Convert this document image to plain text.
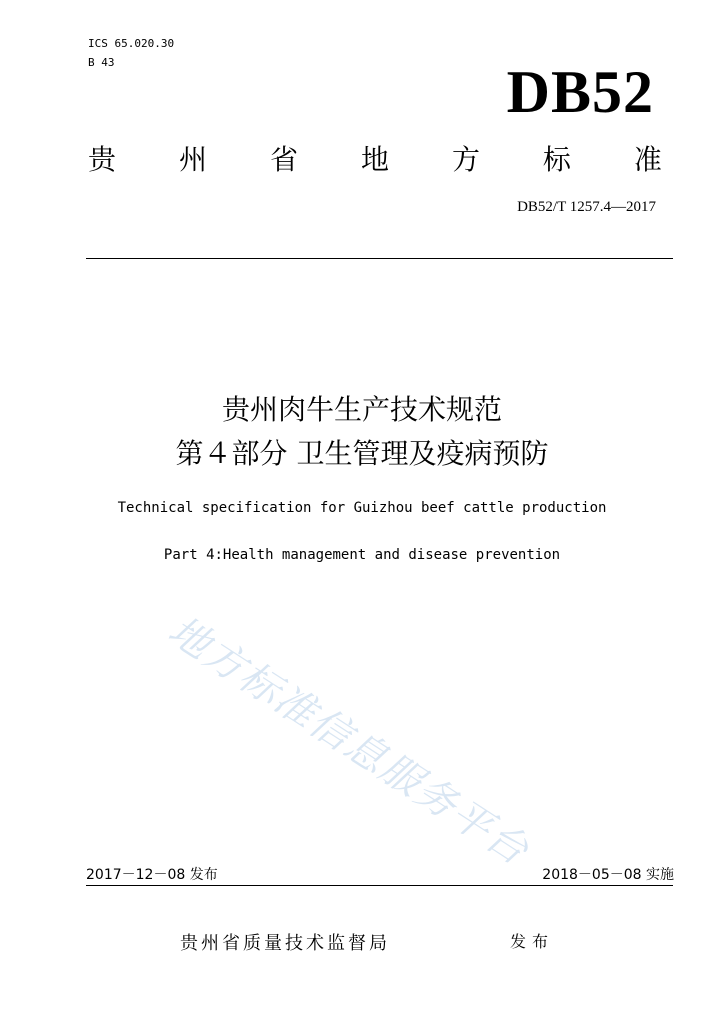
ICS 65.020.30
B 43	DB52
贵 州 省 地 方 标 准
DB52/T 1257.4—2017
贵州肉牛生产技术规范
第４部分 卫生管理及疫病预防
Technical specification for Guizhou beef cattle production
Part 4:Health management and disease prevention
地方标准信息服务平台
2017－12－08 发布	2018－05－08 实施
贵州省质量技术监督局	发布
